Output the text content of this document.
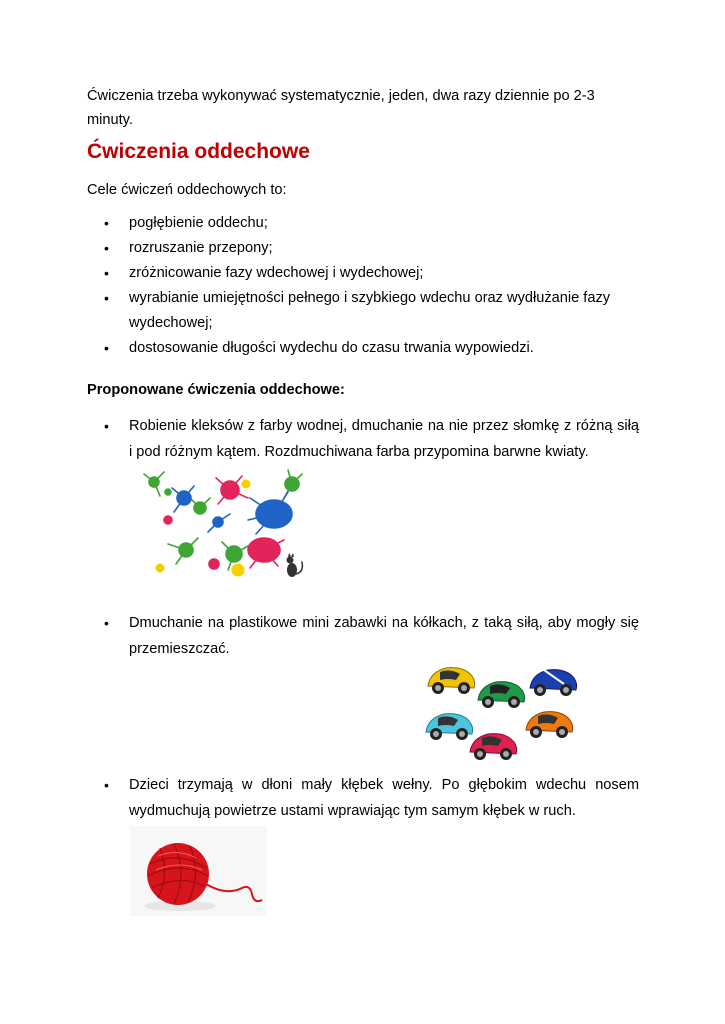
Ćwiczenia trzeba wykonywać systematycznie, jeden, dwa razy dziennie po 2-3 minuty.

Ćwiczenia oddechowe

Cele ćwiczeń oddechowych to:

• pogłębienie oddechu;
• rozruszanie przepony;
• zróżnicowanie fazy wdechowej i wydechowej;
• wyrabianie umiejętności pełnego i szybkiego wdechu oraz wydłużanie fazy wydechowej;
• dostosowanie długości wydechu do czasu trwania wypowiedzi.

Proponowane ćwiczenia oddechowe:

• Robienie kleksów z farby wodnej, dmuchanie na nie przez słomkę z różną siłą i pod różnym kątem. Rozdmuchiwana farba przypomina barwne kwiaty.

• Dmuchanie na plastikowe mini zabawki na kółkach, z taką siłą, aby mogły się przemieszczać.

• Dzieci trzymają w dłoni mały kłębek wełny. Po głębokim wdechu nosem wydmuchują powietrze ustami wprawiając tym samym kłębek w ruch.
